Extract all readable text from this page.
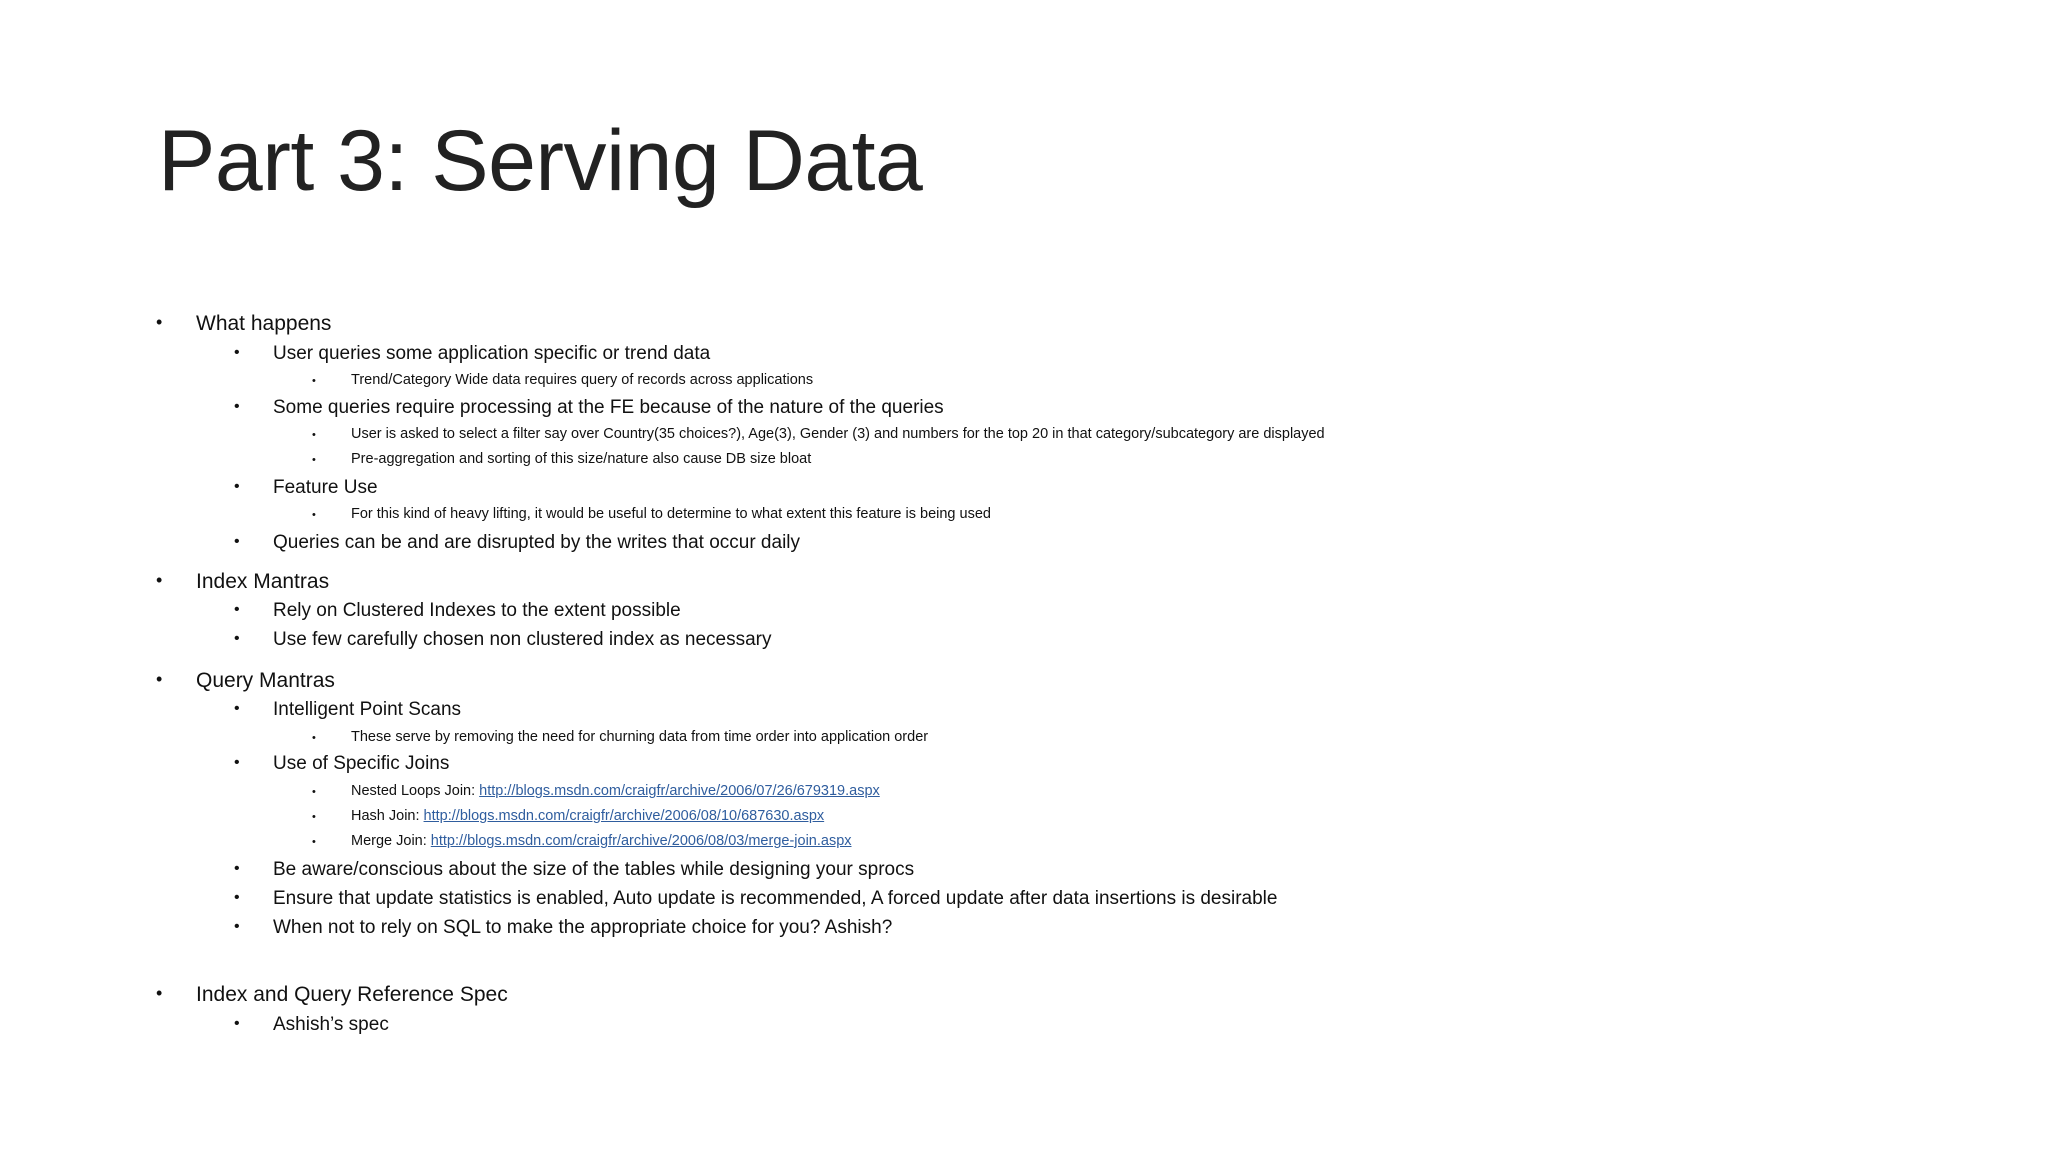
Part 3: Serving Data
• What happens
• User queries some application specific or trend data
• Trend/Category Wide data requires query of records across applications
• Some queries require processing at the FE because of the nature of the queries
• User is asked to select a filter say over Country(35 choices?), Age(3), Gender (3) and numbers for the top 20 in that category/subcategory are displayed
• Pre-aggregation and sorting of this size/nature also cause DB size bloat
• Feature Use
• For this kind of heavy lifting, it would be useful to determine to what extent this feature is being used
• Queries can be and are disrupted by the writes that occur daily
• Index Mantras
• Rely on Clustered Indexes to the extent possible
• Use few carefully chosen non clustered index as necessary
• Query Mantras
• Intelligent Point Scans
• These serve by removing the need for churning data from time order into application order
• Use of Specific Joins
• Nested Loops Join: http://blogs.msdn.com/craigfr/archive/2006/07/26/679319.aspx
• Hash Join: http://blogs.msdn.com/craigfr/archive/2006/08/10/687630.aspx
• Merge Join: http://blogs.msdn.com/craigfr/archive/2006/08/03/merge-join.aspx
• Be aware/conscious about the size of the tables while designing your sprocs
• Ensure that update statistics is enabled, Auto update is recommended, A forced update after data insertions is desirable
• When not to rely on SQL to make the appropriate choice for you? Ashish?
• Index and Query Reference Spec
• Ashish’s spec
